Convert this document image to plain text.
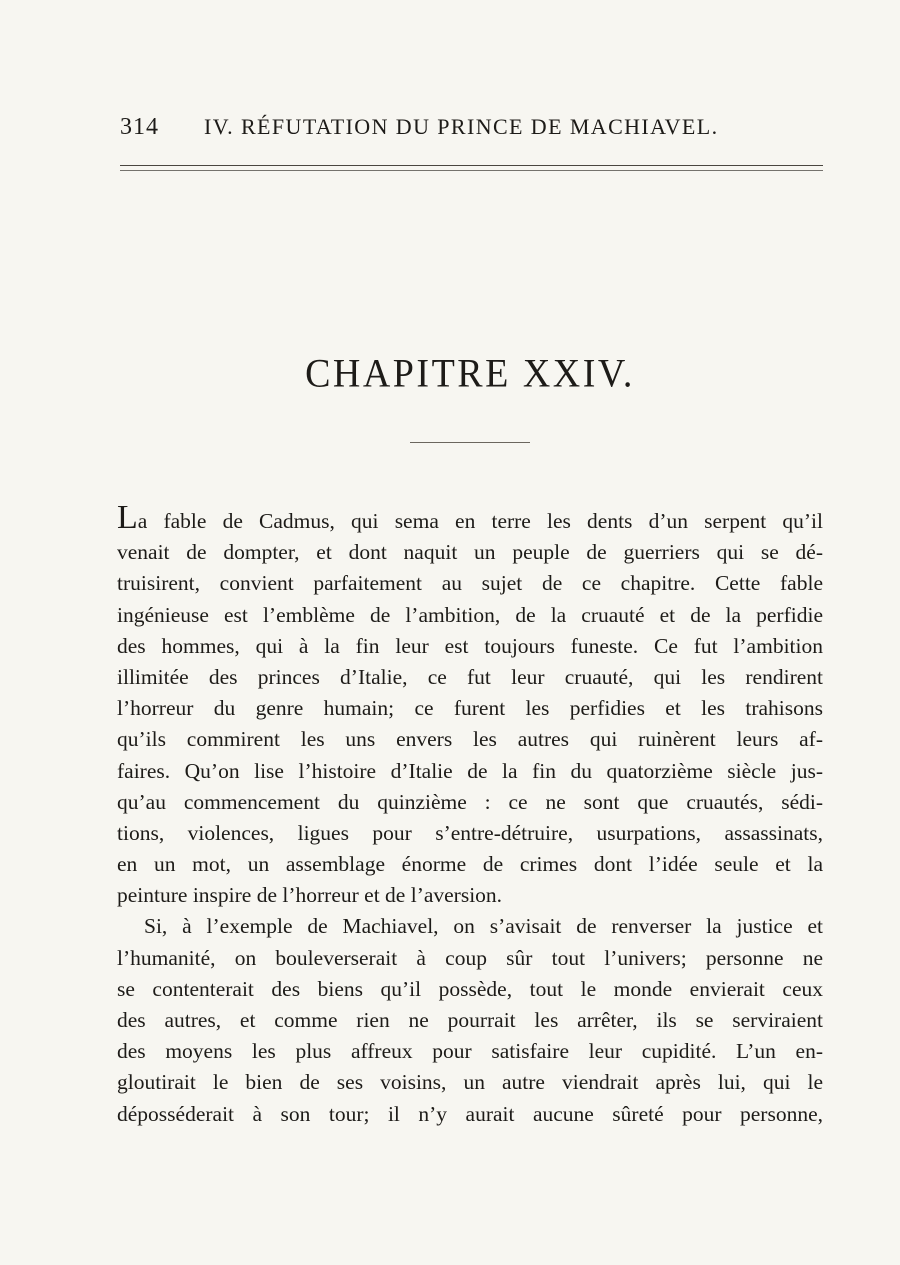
314 IV. RÉFUTATION DU PRINCE DE MACHIAVEL.
CHAPITRE XXIV.
La fable de Cadmus, qui sema en terre les dents d’un serpent qu’il
venait de dompter, et dont naquit un peuple de guerriers qui se dé-
truisirent, convient parfaitement au sujet de ce chapitre. Cette fable
ingénieuse est l’emblème de l’ambition, de la cruauté et de la perfidie
des hommes, qui à la fin leur est toujours funeste. Ce fut l’ambition
illimitée des princes d’Italie, ce fut leur cruauté, qui les rendirent
l’horreur du genre humain; ce furent les perfidies et les trahisons
qu’ils commirent les uns envers les autres qui ruinèrent leurs af-
faires. Qu’on lise l’histoire d’Italie de la fin du quatorzième siècle jus-
qu’au commencement du quinzième : ce ne sont que cruautés, sédi-
tions, violences, ligues pour s’entre-détruire, usurpations, assassinats,
en un mot, un assemblage énorme de crimes dont l’idée seule et la
peinture inspire de l’horreur et de l’aversion.
Si, à l’exemple de Machiavel, on s’avisait de renverser la justice et
l’humanité, on bouleverserait à coup sûr tout l’univers; personne ne
se contenterait des biens qu’il possède, tout le monde envierait ceux
des autres, et comme rien ne pourrait les arrêter, ils se serviraient
des moyens les plus affreux pour satisfaire leur cupidité. L’un en-
gloutirait le bien de ses voisins, un autre viendrait après lui, qui le
déposséderait à son tour; il n’y aurait aucune sûreté pour personne,
